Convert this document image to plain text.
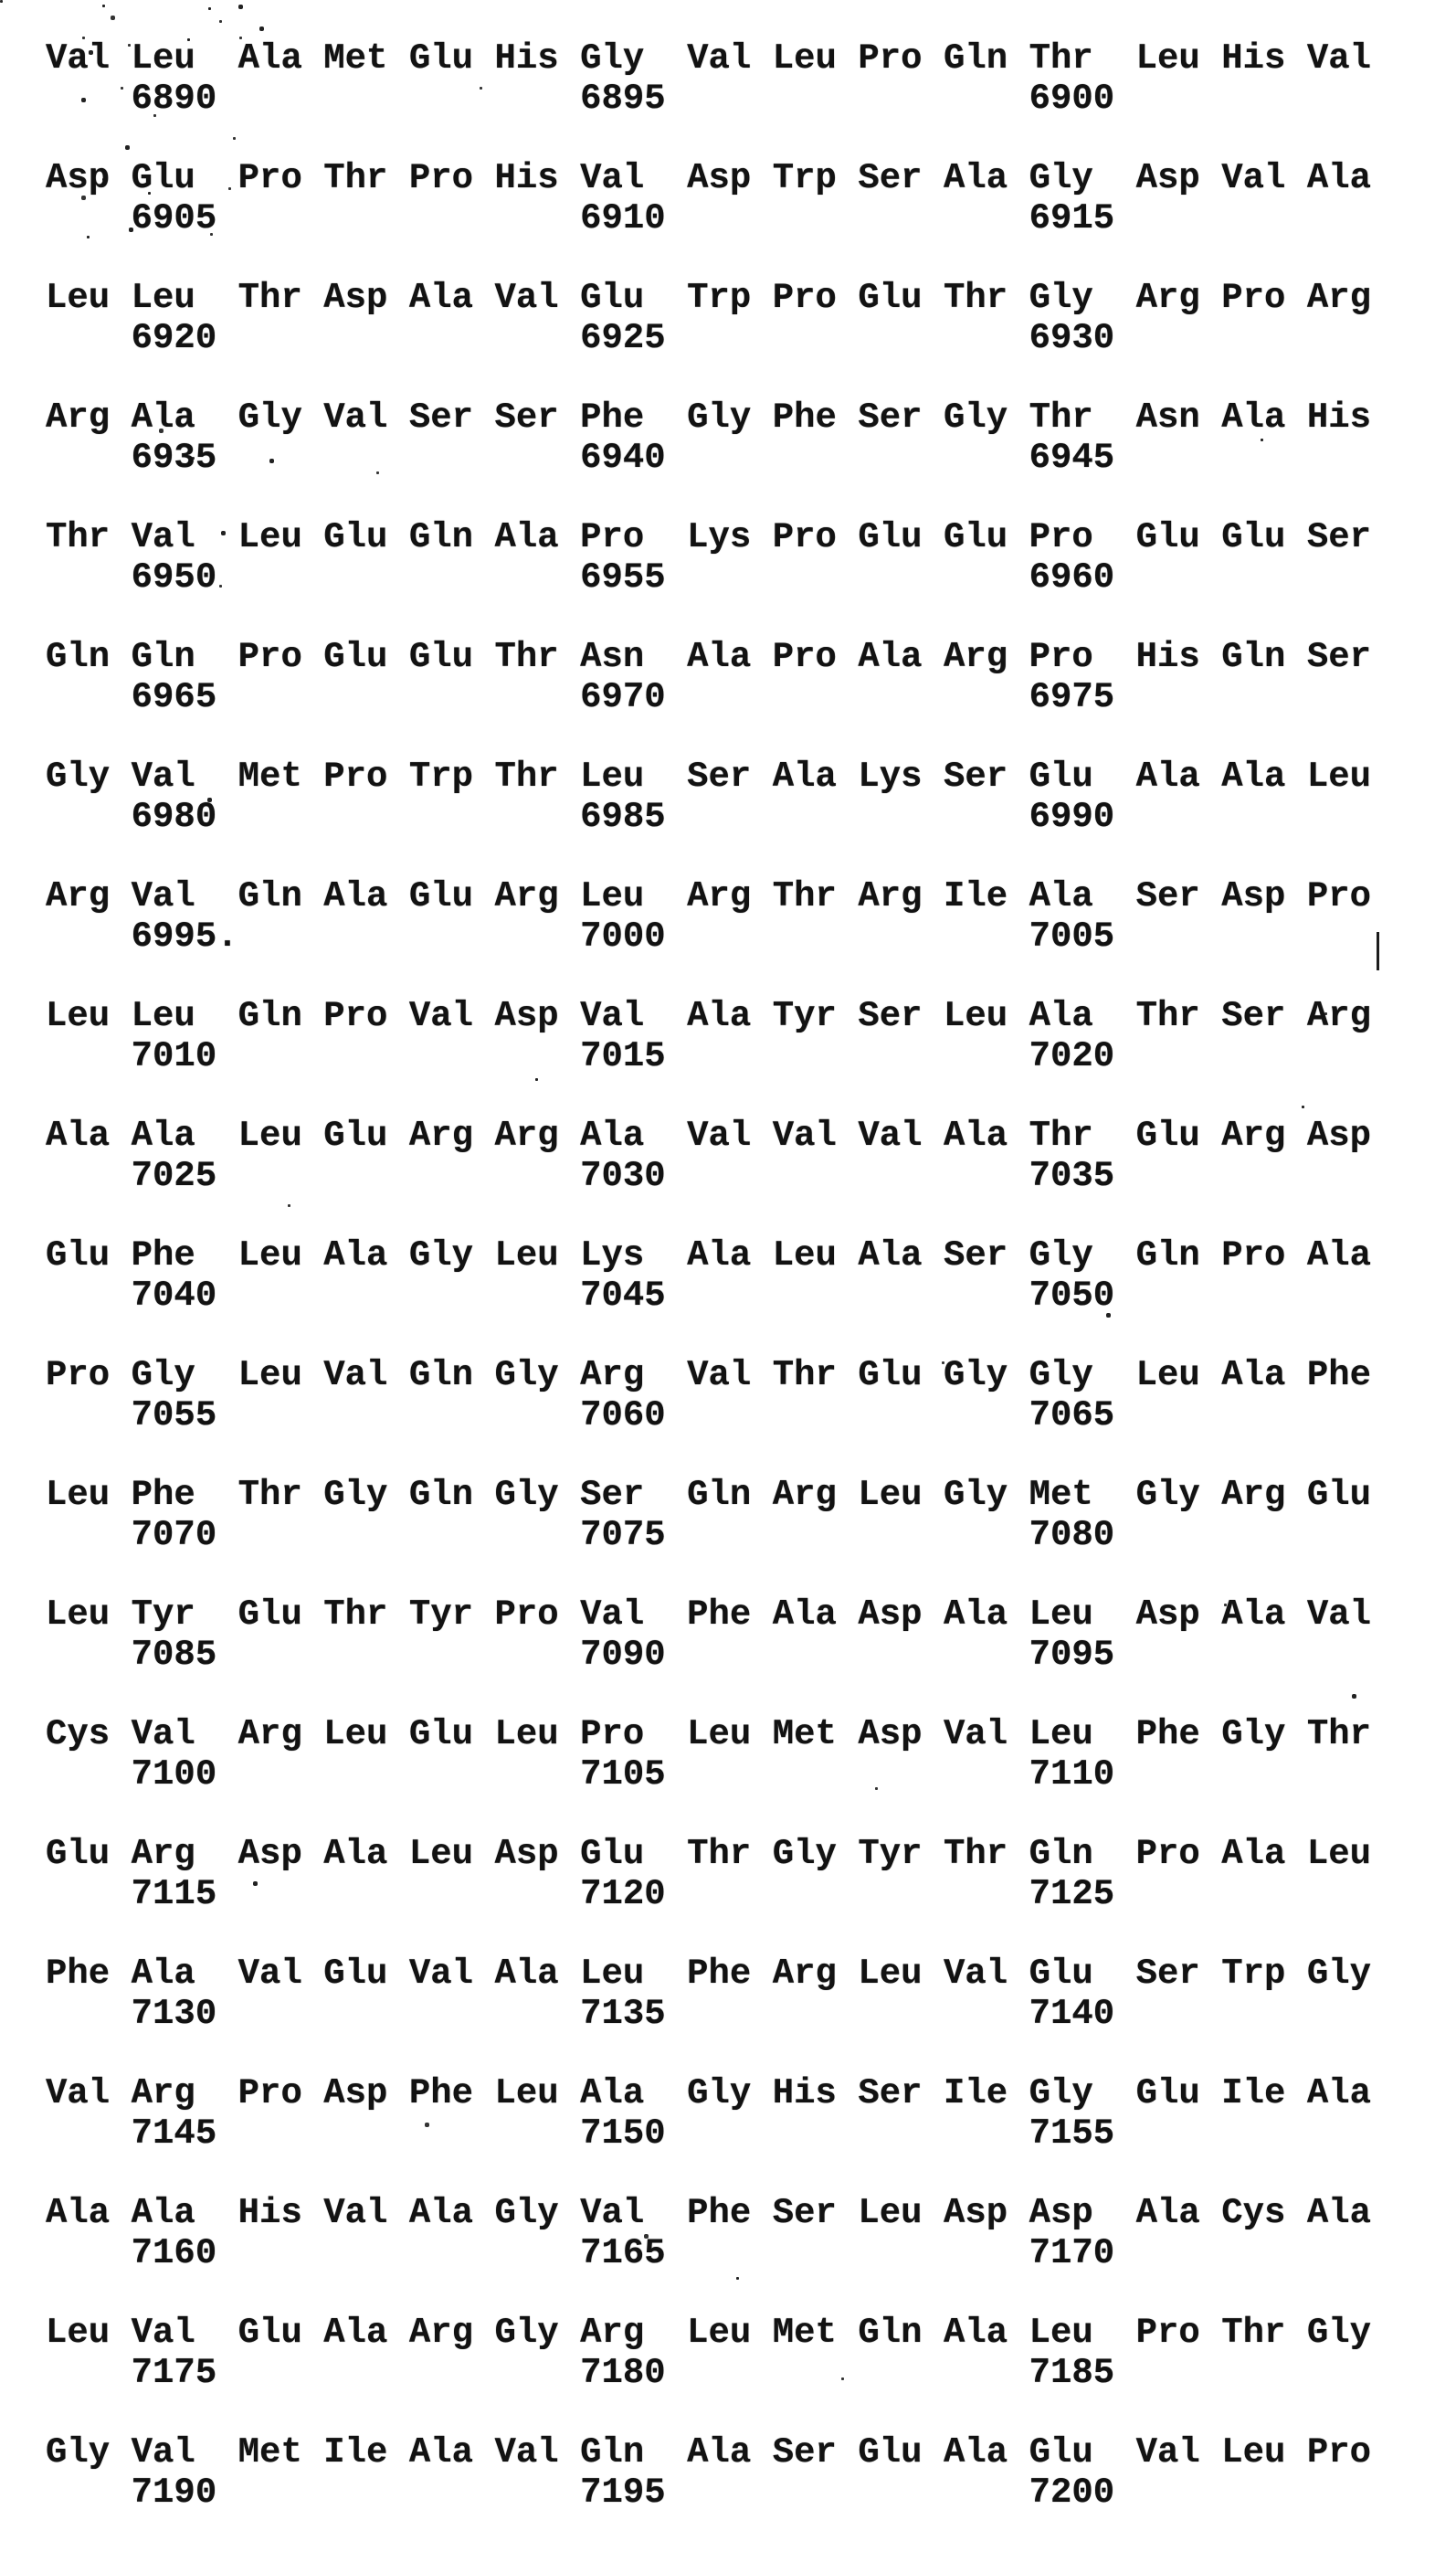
Val Leu  Ala Met Glu His Gly  Val Leu Pro Gln Thr  Leu His Val
6890                 6895                 6900
Asp Glu  Pro Thr Pro His Val  Asp Trp Ser Ala Gly  Asp Val Ala
6905                 6910                 6915
Leu Leu  Thr Asp Ala Val Glu  Trp Pro Glu Thr Gly  Arg Pro Arg
6920                 6925                 6930
Arg Ala  Gly Val Ser Ser Phe  Gly Phe Ser Gly Thr  Asn Ala His
6935                 6940                 6945
Thr Val  Leu Glu Gln Ala Pro  Lys Pro Glu Glu Pro  Glu Glu Ser
6950                 6955                 6960
Gln Gln  Pro Glu Glu Thr Asn  Ala Pro Ala Arg Pro  His Gln Ser
6965                 6970                 6975
Gly Val  Met Pro Trp Thr Leu  Ser Ala Lys Ser Glu  Ala Ala Leu
6980                 6985                 6990
Arg Val  Gln Ala Glu Arg Leu  Arg Thr Arg Ile Ala  Ser Asp Pro
6995.                7000                 7005
Leu Leu  Gln Pro Val Asp Val  Ala Tyr Ser Leu Ala  Thr Ser Arg
7010                 7015                 7020
Ala Ala  Leu Glu Arg Arg Ala  Val Val Val Ala Thr  Glu Arg Asp
7025                 7030                 7035
Glu Phe  Leu Ala Gly Leu Lys  Ala Leu Ala Ser Gly  Gln Pro Ala
7040                 7045                 7050
Pro Gly  Leu Val Gln Gly Arg  Val Thr Glu Gly Gly  Leu Ala Phe
7055                 7060                 7065
Leu Phe  Thr Gly Gln Gly Ser  Gln Arg Leu Gly Met  Gly Arg Glu
7070                 7075                 7080
Leu Tyr  Glu Thr Tyr Pro Val  Phe Ala Asp Ala Leu  Asp Ala Val
7085                 7090                 7095
Cys Val  Arg Leu Glu Leu Pro  Leu Met Asp Val Leu  Phe Gly Thr
7100                 7105                 7110
Glu Arg  Asp Ala Leu Asp Glu  Thr Gly Tyr Thr Gln  Pro Ala Leu
7115                 7120                 7125
Phe Ala  Val Glu Val Ala Leu  Phe Arg Leu Val Glu  Ser Trp Gly
7130                 7135                 7140
Val Arg  Pro Asp Phe Leu Ala  Gly His Ser Ile Gly  Glu Ile Ala
7145                 7150                 7155
Ala Ala  His Val Ala Gly Val  Phe Ser Leu Asp Asp  Ala Cys Ala
7160                 7165                 7170
Leu Val  Glu Ala Arg Gly Arg  Leu Met Gln Ala Leu  Pro Thr Gly
7175                 7180                 7185
Gly Val  Met Ile Ala Val Gln  Ala Ser Glu Ala Glu  Val Leu Pro
7190                 7195                 7200
